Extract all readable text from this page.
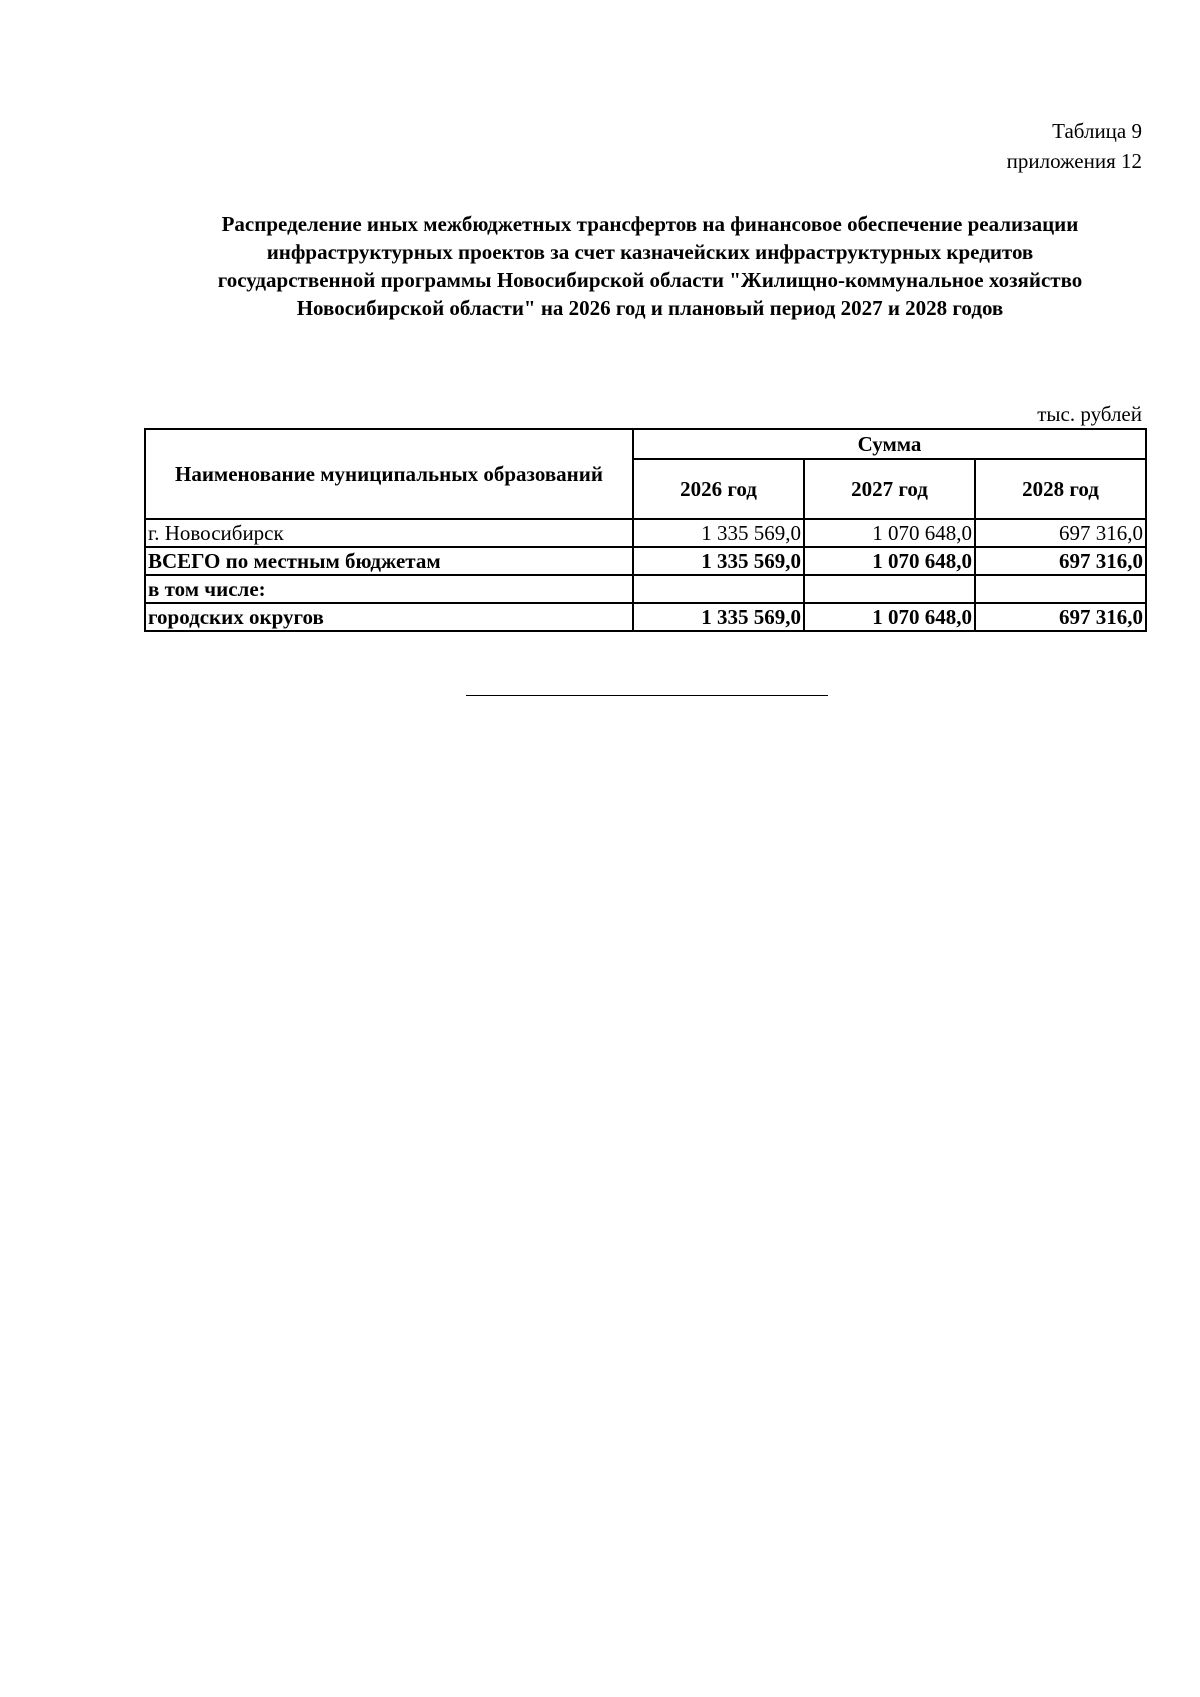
Таблица 9
приложения 12
Распределение иных межбюджетных трансфертов на финансовое обеспечение реализации
инфраструктурных проектов за счет казначейских инфраструктурных кредитов
государственной программы Новосибирской области "Жилищно-коммунальное хозяйство
Новосибирской области" на 2026 год и плановый период 2027 и 2028 годов
тыс. рублей
Наименование муниципальных образований	Сумма		
	2026 год	2027 год	2028 год
г. Новосибирск	1 335 569,0	1 070 648,0	697 316,0
ВСЕГО по местным бюджетам	1 335 569,0	1 070 648,0	697 316,0
в том числе:			
городских округов	1 335 569,0	1 070 648,0	697 316,0
